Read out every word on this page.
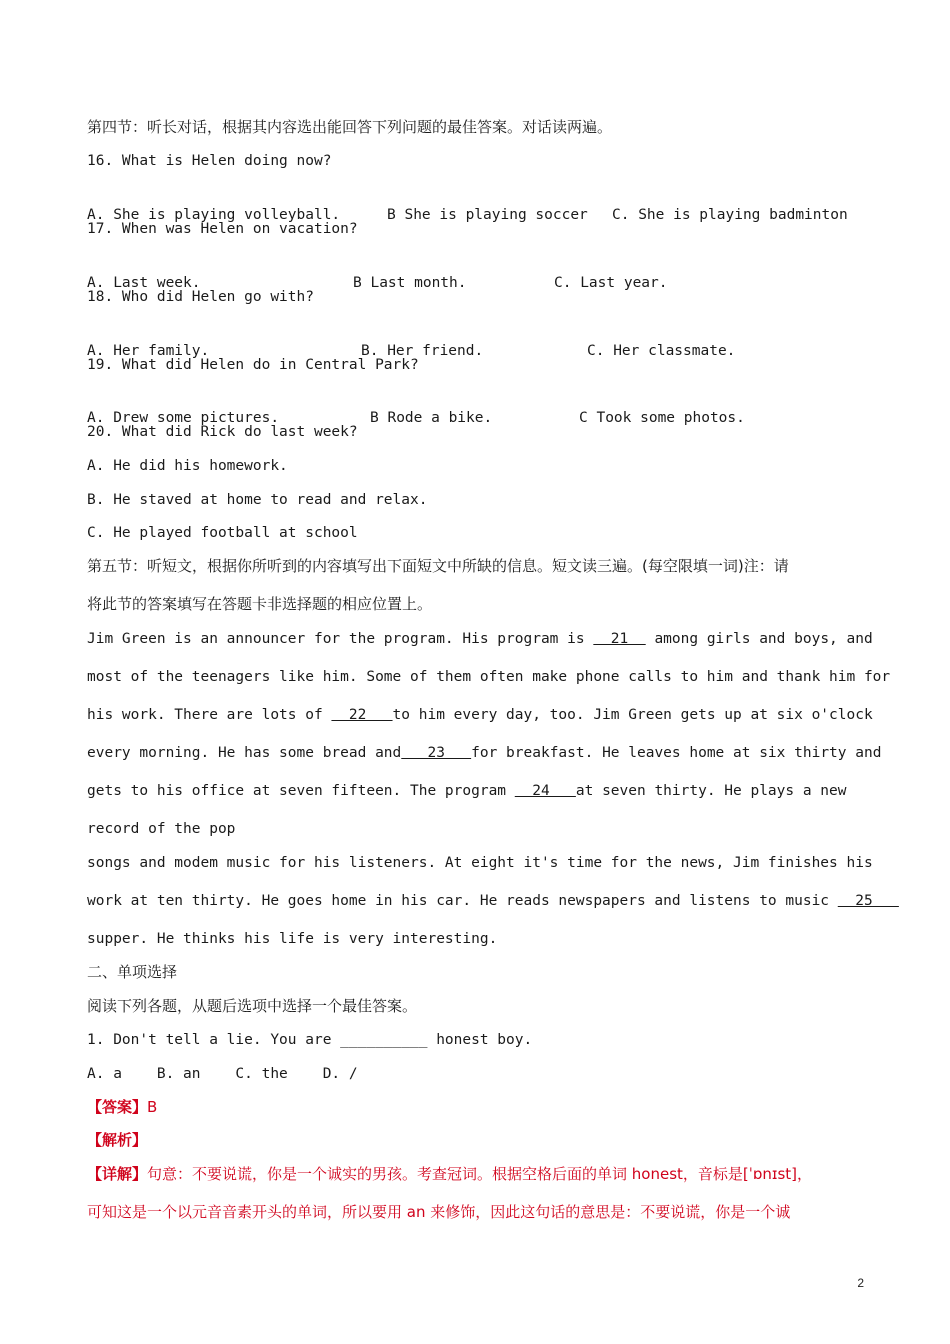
第四节：听长对话，根据其内容选出能回答下列问题的最佳答案。对话读两遍。

16. What is Helen doing now?

A. She is playing volleyball.	B She is playing soccer C. She is playing badminton

17. When was Helen on vacation?

A. Last week.	B Last month.	C. Last year.

18. Who did Helen go with?

A. Her family.	B. Her friend.	C. Her classmate.

19. What did Helen do in Central Park?

A. Drew some pictures.	B Rode a bike.	C Took some photos.

20. What did Rick do last week?

A. He did his homework.

B. He staved at home to read and relax.

C. He played football at school

第五节：听短文，根据你所听到的内容填写出下面短文中所缺的信息。短文读三遍。(每空限填一词)注：请

将此节的答案填写在答题卡非选择题的相应位置上。

Jim Green is an announcer for the program. His program is   21   among girls and boys, and

most of the teenagers like him. Some of them often make phone calls to him and thank him for

his work. There are lots of   22   to him every day, too. Jim Green gets up at six o'clock

every morning. He has some bread and   23   for breakfast. He leaves home at six thirty and

gets to his office at seven fifteen. The program   24   at seven thirty. He plays a new

record of the pop

songs and modem music for his listeners. At eight it's time for the news, Jim finishes his

work at ten thirty. He goes home in his car. He reads newspapers and listens to music   25

supper. He thinks his life is very interesting.

二、单项选择

阅读下列各题，从题后选项中选择一个最佳答案。

1. Don't tell a lie. You are __________ honest boy.

A. a    B. an    C. the    D. /

【答案】B

【解析】

【详解】句意：不要说谎，你是一个诚实的男孩。考查冠词。根据空格后面的单词 honest，音标是[ˈɒnɪst]，

可知这是一个以元音音素开头的单词，所以要用 an 来修饰，因此这句话的意思是：不要说谎，你是一个诚

2
